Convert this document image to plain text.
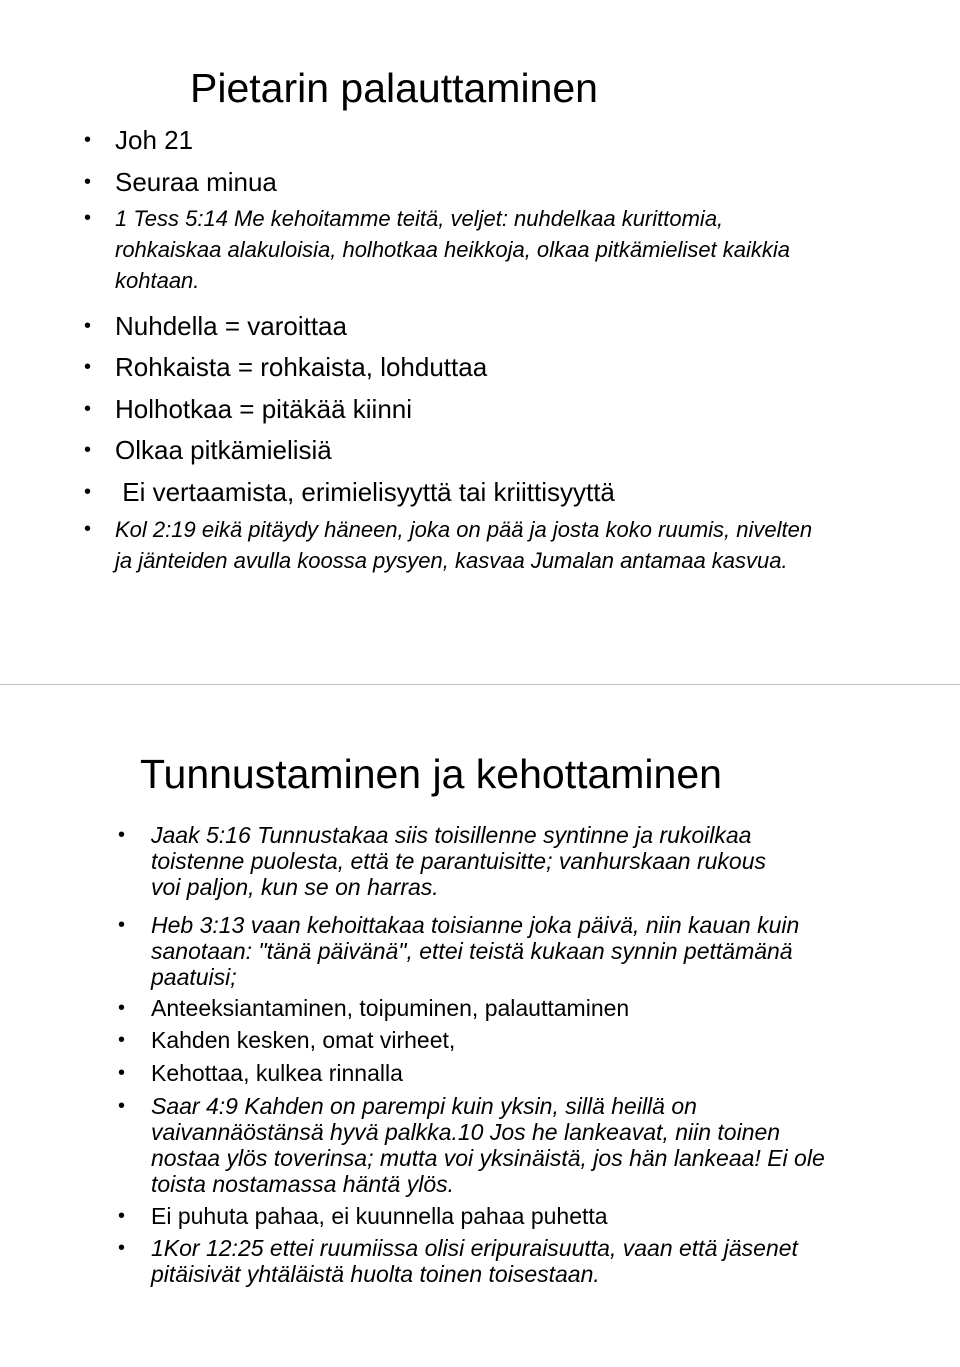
Pietarin palauttaminen
• Joh 21
• Seuraa minua
• 1 Tess 5:14 Me kehoitamme teitä, veljet: nuhdelkaa kurittomia, rohkaiskaa alakuloisia, holhotkaa heikkoja, olkaa pitkämieliset kaikkia kohtaan.
• Nuhdella = varoittaa
• Rohkaista = rohkaista, lohduttaa
• Holhotkaa = pitäkää kiinni
• Olkaa pitkämielisiä
• Ei vertaamista, erimielisyyttä tai kriittisyyttä
• Kol 2:19 eikä pitäydy häneen, joka on pää ja josta koko ruumis, nivelten ja jänteiden avulla koossa pysyen, kasvaa Jumalan antamaa kasvua.
Tunnustaminen ja kehottaminen
• Jaak 5:16 Tunnustakaa siis toisillenne syntinne ja rukoilkaa toistenne puolesta, että te parantuisitte; vanhurskaan rukous voi paljon, kun se on harras.
• Heb 3:13 vaan kehoittakaa toisianne joka päivä, niin kauan kuin sanotaan: "tänä päivänä", ettei teistä kukaan synnin pettämänä paatuisi;
• Anteeksiantaminen, toipuminen, palauttaminen
• Kahden kesken, omat virheet,
• Kehottaa, kulkea rinnalla
• Saar 4:9 Kahden on parempi kuin yksin, sillä heillä on vaivannäöstänsä hyvä palkka.10 Jos he lankeavat, niin toinen nostaa ylös toverinsa; mutta voi yksinäistä, jos hän lankeaa! Ei ole toista nostamassa häntä ylös.
• Ei puhuta pahaa, ei kuunnella pahaa puhetta
• 1Kor 12:25 ettei ruumiissa olisi eripuraisuutta, vaan että jäsenet pitäisivät yhtäläistä huolta toinen toisestaan.
